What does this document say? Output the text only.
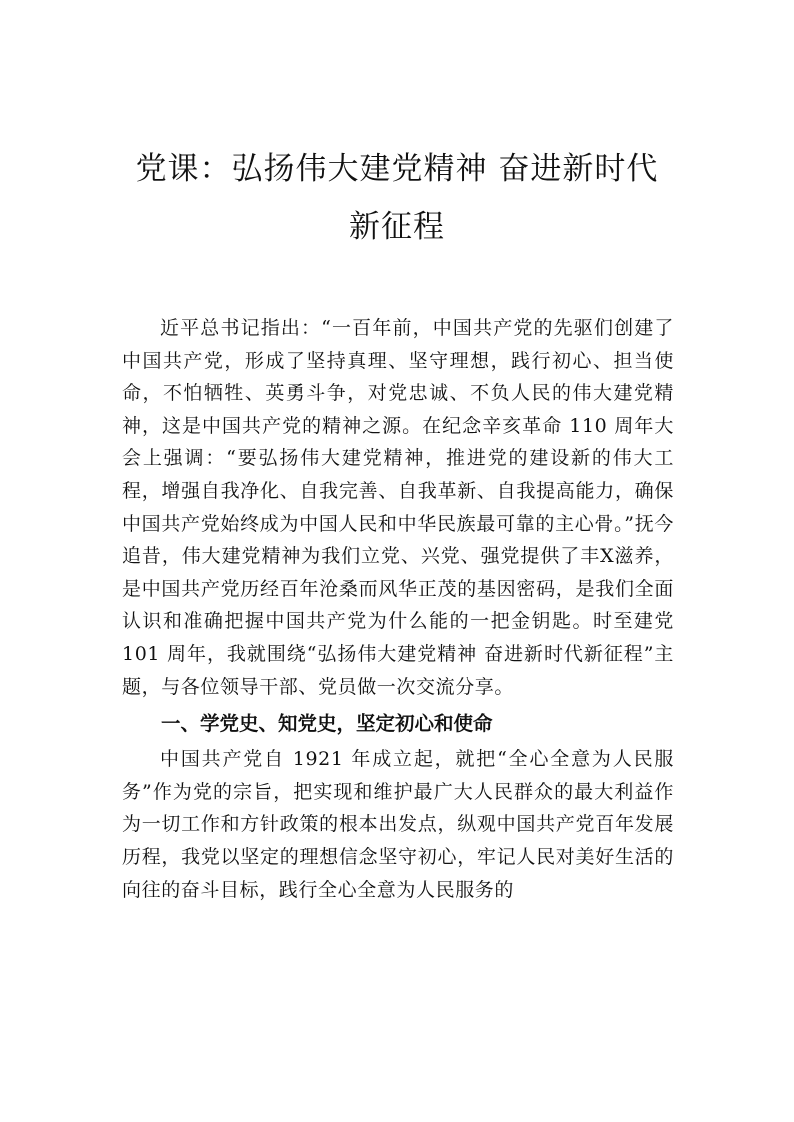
党课：弘扬伟大建党精神 奋进新时代新征程

近平总书记指出：“一百年前，中国共产党的先驱们创建了中国共产党，形成了坚持真理、坚守理想，践行初心、担当使命，不怕牺牲、英勇斗争，对党忠诚、不负人民的伟大建党精神，这是中国共产党的精神之源。在纪念辛亥革命 110 周年大会上强调：“要弘扬伟大建党精神，推进党的建设新的伟大工程，增强自我净化、自我完善、自我革新、自我提高能力，确保中国共产党始终成为中国人民和中华民族最可靠的主心骨。”抚今追昔，伟大建党精神为我们立党、兴党、强党提供了丰X滋养，是中国共产党历经百年沧桑而风华正茂的基因密码，是我们全面认识和准确把握中国共产党为什么能的一把金钥匙。时至建党 101 周年，我就围绕“弘扬伟大建党精神 奋进新时代新征程”主题，与各位领导干部、党员做一次交流分享。

一、学党史、知党史，坚定初心和使命

中国共产党自 1921 年成立起，就把“全心全意为人民服务”作为党的宗旨，把实现和维护最广大人民群众的最大利益作为一切工作和方针政策的根本出发点，纵观中国共产党百年发展历程，我党以坚定的理想信念坚守初心，牢记人民对美好生活的向往的奋斗目标，践行全心全意为人民服务的
